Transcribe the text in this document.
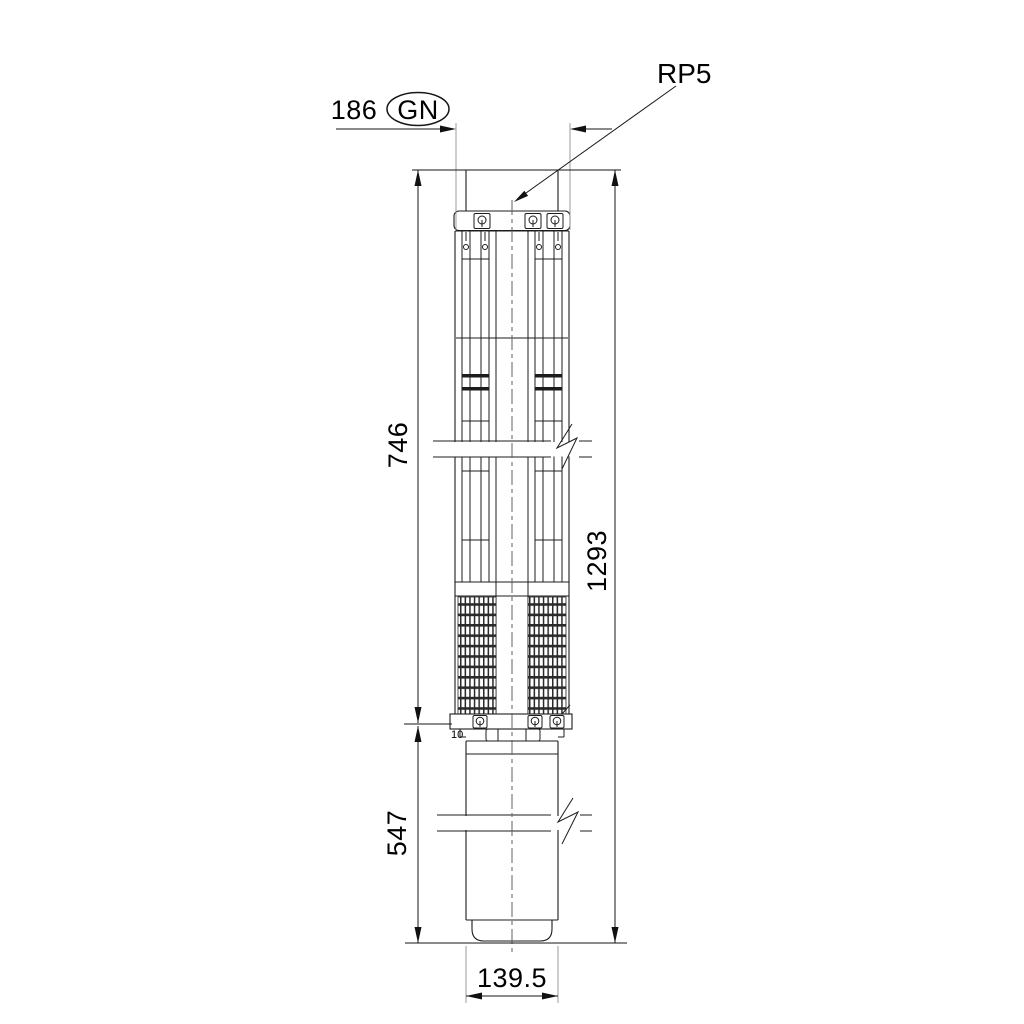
186 GN
RP5
746
547
1293
139.5
10
